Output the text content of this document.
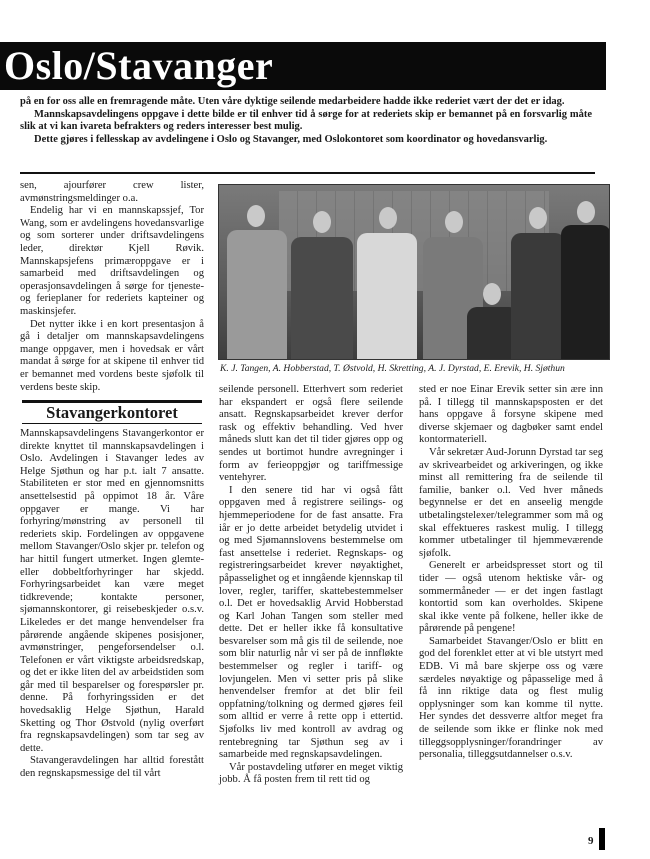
Oslo/Stavanger

på en for oss alle en fremragende måte. Uten våre dyktige seilende medarbeidere hadde ikke rederiet vært der det er idag.

Mannskapsavdelingens oppgave i dette bilde er til enhver tid å sørge for at rederiets skip er bemannet på en forsvarlig måte slik at vi kan ivareta befrakters og reders interesser best mulig.

Dette gjøres i fellesskap av avdelingene i Oslo og Stavanger, med Oslokontoret som koordinator og hovedansvarlig.

sen, ajourfører crew lister, avmønstringsmeldinger o.a.

Endelig har vi en mannskapssjef, Tor Wang, som er avdelingens hovedansvarlige og som sorterer under driftsavdelingens leder, direktør Kjell Røvik. Mannskapsjefens primæroppgave er i samarbeid med driftsavdelingen og operasjonsavdelingen å sørge for tjeneste- og ferieplaner for rederiets kapteiner og maskinsjefer.

Det nytter ikke i en kort presentasjon å gå i detaljer om mannskapsavdelingens mange oppgaver, men i hovedsak er vårt mandat å sørge for at skipene til enhver tid er bemannet med vordens beste sjøfolk til verdens beste skip.

Stavangerkontoret

Mannskapsavdelingens Stavangerkontor er direkte knyttet til mannskapsavdelingen i Oslo. Avdelingen i Stavanger ledes av Helge Sjøthun og har p.t. ialt 7 ansatte. Stabiliteten er stor med en gjennomsnitts ansettelsestid på oppimot 18 år. Våre oppgaver er mange. Vi har forhyring/mønstring av personell til rederiets skip. Fordelingen av oppgavene mellom Stavanger/Oslo skjer pr. telefon og har hittil fungert utmerket. Ingen glemte- eller dobbeltforhyringer har skjedd. Forhyringsarbeidet kan være meget tidkrevende; kontakte personer, sjømannskontorer, gi reisebeskjeder o.s.v. Likeledes er det mange henvendelser fra pårørende angående skipenes posisjoner, avmønstringer, pengeforsendelser o.l. Telefonen er vårt viktigste arbeidsredskap, og det er ikke liten del av arbeidstiden som går med til besparelser og forespørsler pr. denne. På forhyringssiden er det hovedsaklig Helge Sjøthun, Harald Sketting og Thor Østvold (nylig overført fra regnskapsavdelingen) som tar seg av dette.

Stavangeravdelingen har alltid forestått den regnskapsmessige del til vårt

K. J. Tangen, A. Hobberstad, T. Østvold, H. Skretting, A. J. Dyrstad, E. Erevik, H. Sjøthun

seilende personell. Etterhvert som rederiet har ekspandert er også flere seilende ansatt. Regnskapsarbeidet krever derfor rask og effektiv behandling. Ved hver måneds slutt kan det til tider gjøres opp og sendes ut bortimot hundre avregninger i form av ferieoppgjør og tariffmessige ventehyrer.

I den senere tid har vi også fått oppgaven med å registrere seilings- og hjemmeperiodene for de fast ansatte. Fra iår er jo dette arbeidet betydelig utvidet i og med Sjømannslovens bestemmelse om fast ansettelse i rederiet. Regnskaps- og registreringsarbeidet krever nøyaktighet, påpasselighet og et inngående kjennskap til lover, regler, tariffer, skattebestemmelser o.l. Det er hovedsaklig Arvid Hobberstad og Karl Johan Tangen som steller med dette. Det er heller ikke få konsultative besvarelser som må gis til de seilende, noe som blir naturlig når vi ser på de innfløkte bestemmelser og regler i tariff- og lovjungelen. Men vi setter pris på slike henvendelser fremfor at det blir feil oppfatning/tolkning og dermed gjøres feil som alltid er verre å rette opp i ettertid. Sjøfolks liv med kontroll av avdrag og rentebregning tar Sjøthun seg av i samarbeide med regnskapsavdelingen.

Vår postavdeling utfører en meget viktig jobb. Å få posten frem til rett tid og

sted er noe Einar Erevik setter sin ære inn på. I tillegg til mannskapsposten er det hans oppgave å forsyne skipene med diverse skjemaer og dagbøker samt endel kontormateriell.

Vår sekretær Aud-Jorunn Dyrstad tar seg av skrivearbeidet og arkiveringen, og ikke minst all remittering fra de seilende til familie, banker o.l. Ved hver måneds begynnelse er det en anseelig mengde utbetalingstelexer/telegrammer som må og skal effektueres raskest mulig. I tillegg kommer utbetalinger til hjemmeværende sjøfolk.

Generelt er arbeidspresset stort og til tider — også utenom hektiske vår- og sommermåneder — er det ingen fastlagt kontortid som kan overholdes. Skipene skal ikke vente på folkene, heller ikke de pårørende på pengene!

Samarbeidet Stavanger/Oslo er blitt en god del forenklet etter at vi ble utstyrt med EDB. Vi må bare skjerpe oss og være særdeles nøyaktige og påpasselige med å få inn riktige data og flest mulig opplysninger som kan komme til nytte. Her syndes det dessverre altfor meget fra de seilende som ikke er flinke nok med tilleggsopplysninger/forandringer av personalia, tilleggsutdannelser o.s.v.

9
